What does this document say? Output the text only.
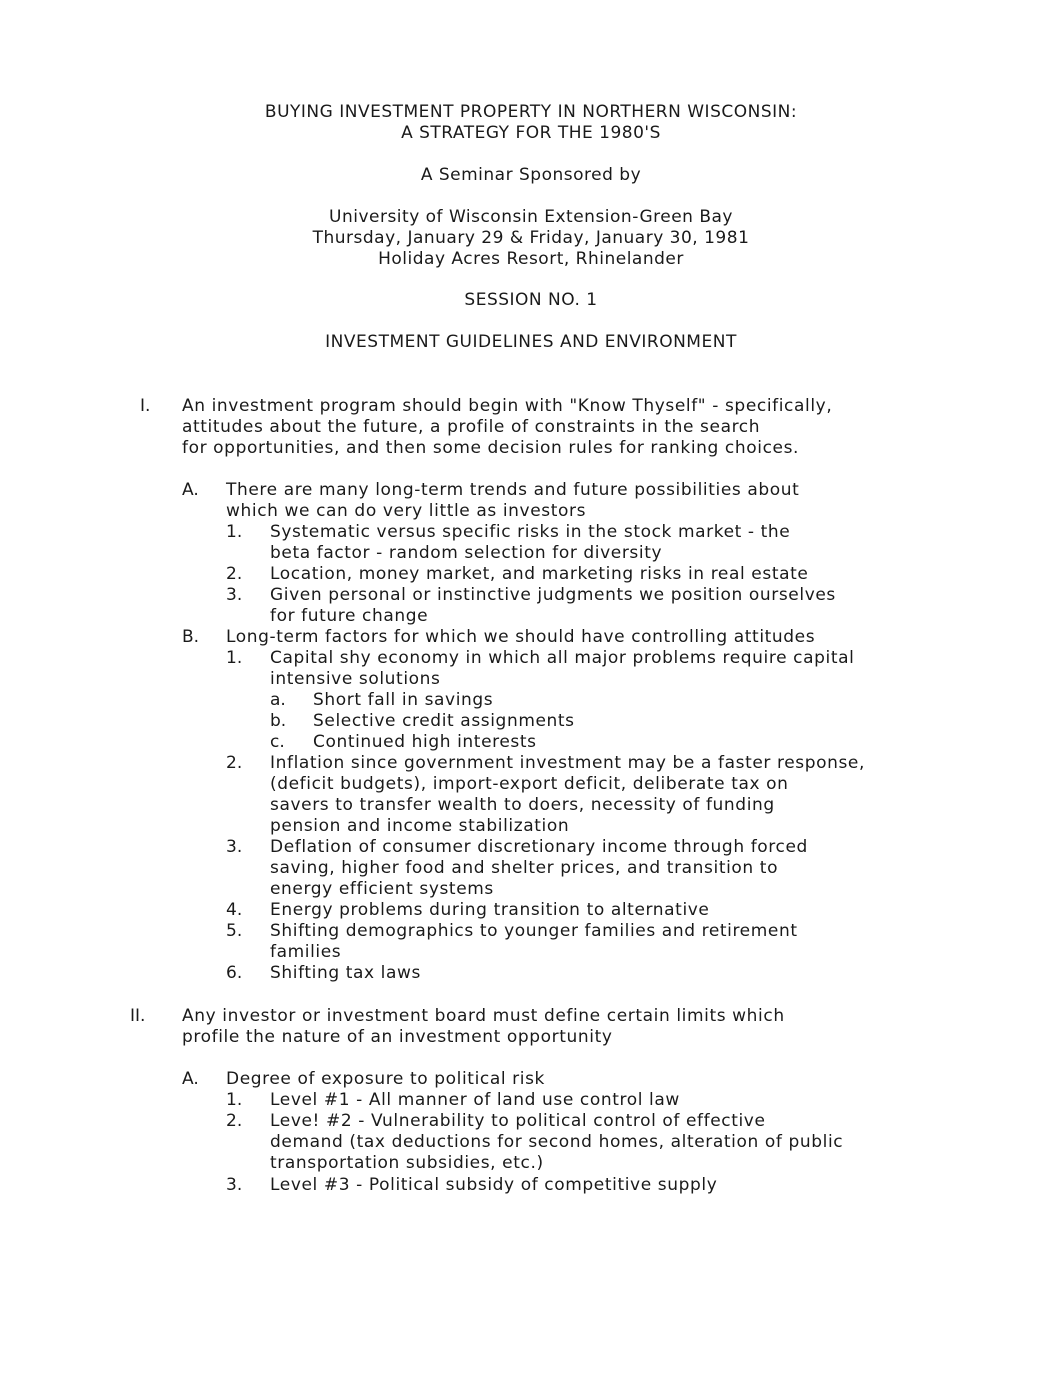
BUYING INVESTMENT PROPERTY IN NORTHERN WISCONSIN:
A STRATEGY FOR THE 1980'S
A Seminar Sponsored by
University of Wisconsin Extension-Green Bay
Thursday, January 29 & Friday, January 30, 1981
Holiday Acres Resort, Rhinelander
SESSION NO. 1
INVESTMENT GUIDELINES AND ENVIRONMENT
I. An investment program should begin with "Know Thyself" - specifically,
attitudes about the future, a profile of constraints in the search
for opportunities, and then some decision rules for ranking choices.
A. There are many long-term trends and future possibilities about
which we can do very little as investors
1. Systematic versus specific risks in the stock market - the
beta factor - random selection for diversity
2. Location, money market, and marketing risks in real estate
3. Given personal or instinctive judgments we position ourselves
for future change
B. Long-term factors for which we should have controlling attitudes
1. Capital shy economy in which all major problems require capital
intensive solutions
a. Short fall in savings
b. Selective credit assignments
c. Continued high interests
2. Inflation since government investment may be a faster response,
(deficit budgets), import-export deficit, deliberate tax on
savers to transfer wealth to doers, necessity of funding
pension and income stabilization
3. Deflation of consumer discretionary income through forced
saving, higher food and shelter prices, and transition to
energy efficient systems
4. Energy problems during transition to alternative
5. Shifting demographics to younger families and retirement
families
6. Shifting tax laws
II. Any investor or investment board must define certain limits which
profile the nature of an investment opportunity
A. Degree of exposure to political risk
1. Level #1 - All manner of land use control law
2. Leve! #2 - Vulnerability to political control of effective
demand (tax deductions for second homes, alteration of public
transportation subsidies, etc.)
3. Level #3 - Political subsidy of competitive supply
